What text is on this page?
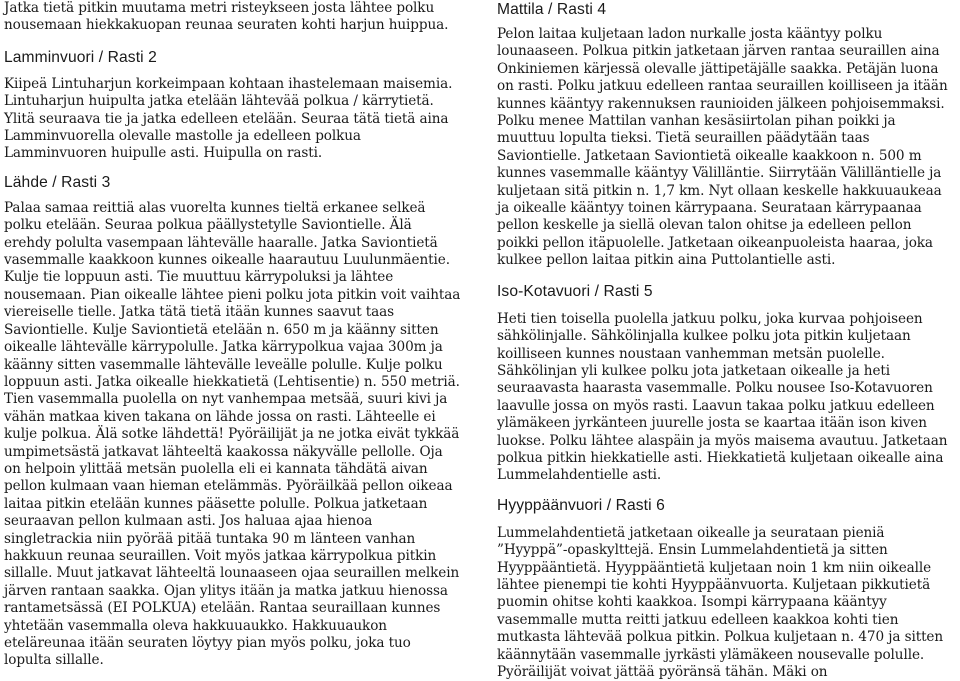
Jatka tietä pitkin muutama metri risteykseen josta lähtee polku nousemaan hiekkakuopan reunaa seuraten kohti harjun huippua.

Lamminvuori / Rasti 2

Kiipeä Lintuharjun korkeimpaan kohtaan ihastelemaan maisemia. Lintuharjun huipulta jatka etelään lähtevää polkua / kärrytietä. Ylitä seuraava tie ja jatka edelleen etelään. Seuraa tätä tietä aina Lamminvuorella olevalle mastolle ja edelleen polkua Lamminvuoren huipulle asti. Huipulla on rasti.

Lähde / Rasti 3

Palaa samaa reittiä alas vuorelta kunnes tieltä erkanee selkeä polku etelään. Seuraa polkua päällystetylle Saviontielle. Älä erehdy polulta vasempaan lähtevälle haaralle. Jatka Saviontietä vasemmalle kaakkoon kunnes oikealle haarautuu Luulunmäentie. Kulje tie loppuun asti. Tie muuttuu kärrypoluksi ja lähtee nousemaan. Pian oikealle lähtee pieni polku jota pitkin voit vaihtaa viereiselle tielle. Jatka tätä tietä itään kunnes saavut taas Saviontielle. Kulje Saviontietä etelään n. 650 m ja käänny sitten oikealle lähtevälle kärrypolulle. Jatka kärrypolkua vajaa 300m ja käänny sitten vasemmalle lähtevälle leveälle polulle. Kulje polku loppuun asti. Jatka oikealle hiekkatietä (Lehtisentie) n. 550 metriä. Tien vasemmalla puolella on nyt vanhempaa metsää, suuri kivi ja vähän matkaa kiven takana on lähde jossa on rasti. Lähteelle ei kulje polkua. Älä sotke lähdettä! Pyöräilijät ja ne jotka eivät tykkää umpimetsästä jatkavat lähteeltä kaakossa näkyvälle pellolle. Oja on helpoin ylittää metsän puolella eli ei kannata tähdätä aivan pellon kulmaan vaan hieman etelämmäs. Pyöräilkää pellon oikeaa laitaa pitkin etelään kunnes pääsette polulle. Polkua jatketaan seuraavan pellon kulmaan asti. Jos haluaa ajaa hienoa singletrackia niin pyörää pitää tuntaka 90 m länteen vanhan hakkuun reunaa seuraillen. Voit myös jatkaa kärrypolkua pitkin sillalle. Muut jatkavat lähteeltä lounaaseen ojaa seuraillen melkein järven rantaan saakka. Ojan ylitys itään ja matka jatkuu hienossa rantametsässä (EI POLKUA) etelään. Rantaa seuraillaan kunnes yhtetään vasemmalla oleva hakkuuaukko. Hakkuuaukon eteläreunaa itään seuraten löytyy pian myös polku, joka tuo lopulta sillalle.

Mattila / Rasti 4

Pelon laitaa kuljetaan ladon nurkalle josta kääntyy polku lounaaseen. Polkua pitkin jatketaan järven rantaa seuraillen aina Onkiniemen kärjessä olevalle jättipetäjälle saakka. Petäjän luona on rasti. Polku jatkuu edelleen rantaa seuraillen koilliseen ja itään kunnes kääntyy rakennuksen raunioiden jälkeen pohjoisemmaksi. Polku menee Mattilan vanhan kesäsiirtolan pihan poikki ja muuttuu lopulta tieksi. Tietä seuraillen päädytään taas Saviontielle. Jatketaan Saviontietä oikealle kaakkoon n. 500 m kunnes vasemmalle kääntyy Välilläntie. Siirrytään Välilläntielle ja kuljetaan sitä pitkin n. 1,7 km. Nyt ollaan keskelle hakkuuaukeaa ja oikealle kääntyy toinen kärrypaana. Seurataan kärrypaanaa pellon keskelle ja siellä olevan talon ohitse ja edelleen pellon poikki pellon itäpuolelle. Jatketaan oikeanpuoleista haaraa, joka kulkee pellon laitaa pitkin aina Puttolantielle asti.

Iso-Kotavuori / Rasti 5

Heti tien toisella puolella jatkuu polku, joka kurvaa pohjoiseen sähkölinjalle. Sähkölinjalla kulkee polku jota pitkin kuljetaan koilliseen kunnes noustaan vanhemman metsän puolelle. Sähkölinjan yli kulkee polku jota jatketaan oikealle ja heti seuraavasta haarasta vasemmalle. Polku nousee Iso-Kotavuoren laavulle jossa on myös rasti. Laavun takaa polku jatkuu edelleen ylämäkeen jyrkänteen juurelle josta se kaartaa itään ison kiven luokse. Polku lähtee alaspäin ja myös maisema avautuu. Jatketaan polkua pitkin hiekkatielle asti. Hiekkatietä kuljetaan oikealle aina Lummelahdentielle asti.

Hyyppäänvuori / Rasti 6

Lummelahdentietä jatketaan oikealle ja seurataan pieniä ”Hyyppä”-opaskylttejä. Ensin Lummelahdentietä ja sitten Hyyppääntietä. Hyyppääntietä kuljetaan noin 1 km niin oikealle lähtee pienempi tie kohti Hyyppäänvuorta. Kuljetaan pikkutietä puomin ohitse kohti kaakkoa. Isompi kärrypaana kääntyy vasemmalle mutta reitti jatkuu edelleen kaakkoa kohti tien mutkasta lähtevää polkua pitkin. Polkua kuljetaan n. 470 ja sitten käännytään vasemmalle jyrkästi ylämäkeen nousevalle polulle. Pyöräilijät voivat jättää pyöränsä tähän. Mäki on
